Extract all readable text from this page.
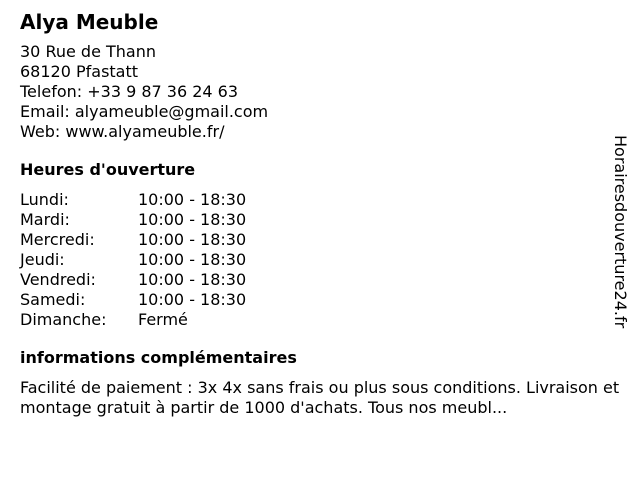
Alya Meuble
30 Rue de Thann
68120 Pfastatt
Telefon: +33 9 87 36 24 63
Email: alyameuble@gmail.com
Web: www.alyameuble.fr/
Heures d'ouverture
Lundi:	10:00 - 18:30
Mardi:	10:00 - 18:30
Mercredi:	10:00 - 18:30
Jeudi:	10:00 - 18:30
Vendredi:	10:00 - 18:30
Samedi:	10:00 - 18:30
Dimanche:	Fermé
informations complémentaires
Facilité de paiement : 3x 4x sans frais ou plus sous conditions. Livraison et montage gratuit à partir de 1000 d'achats. Tous nos meubl...
Horairesdouverture24.fr
